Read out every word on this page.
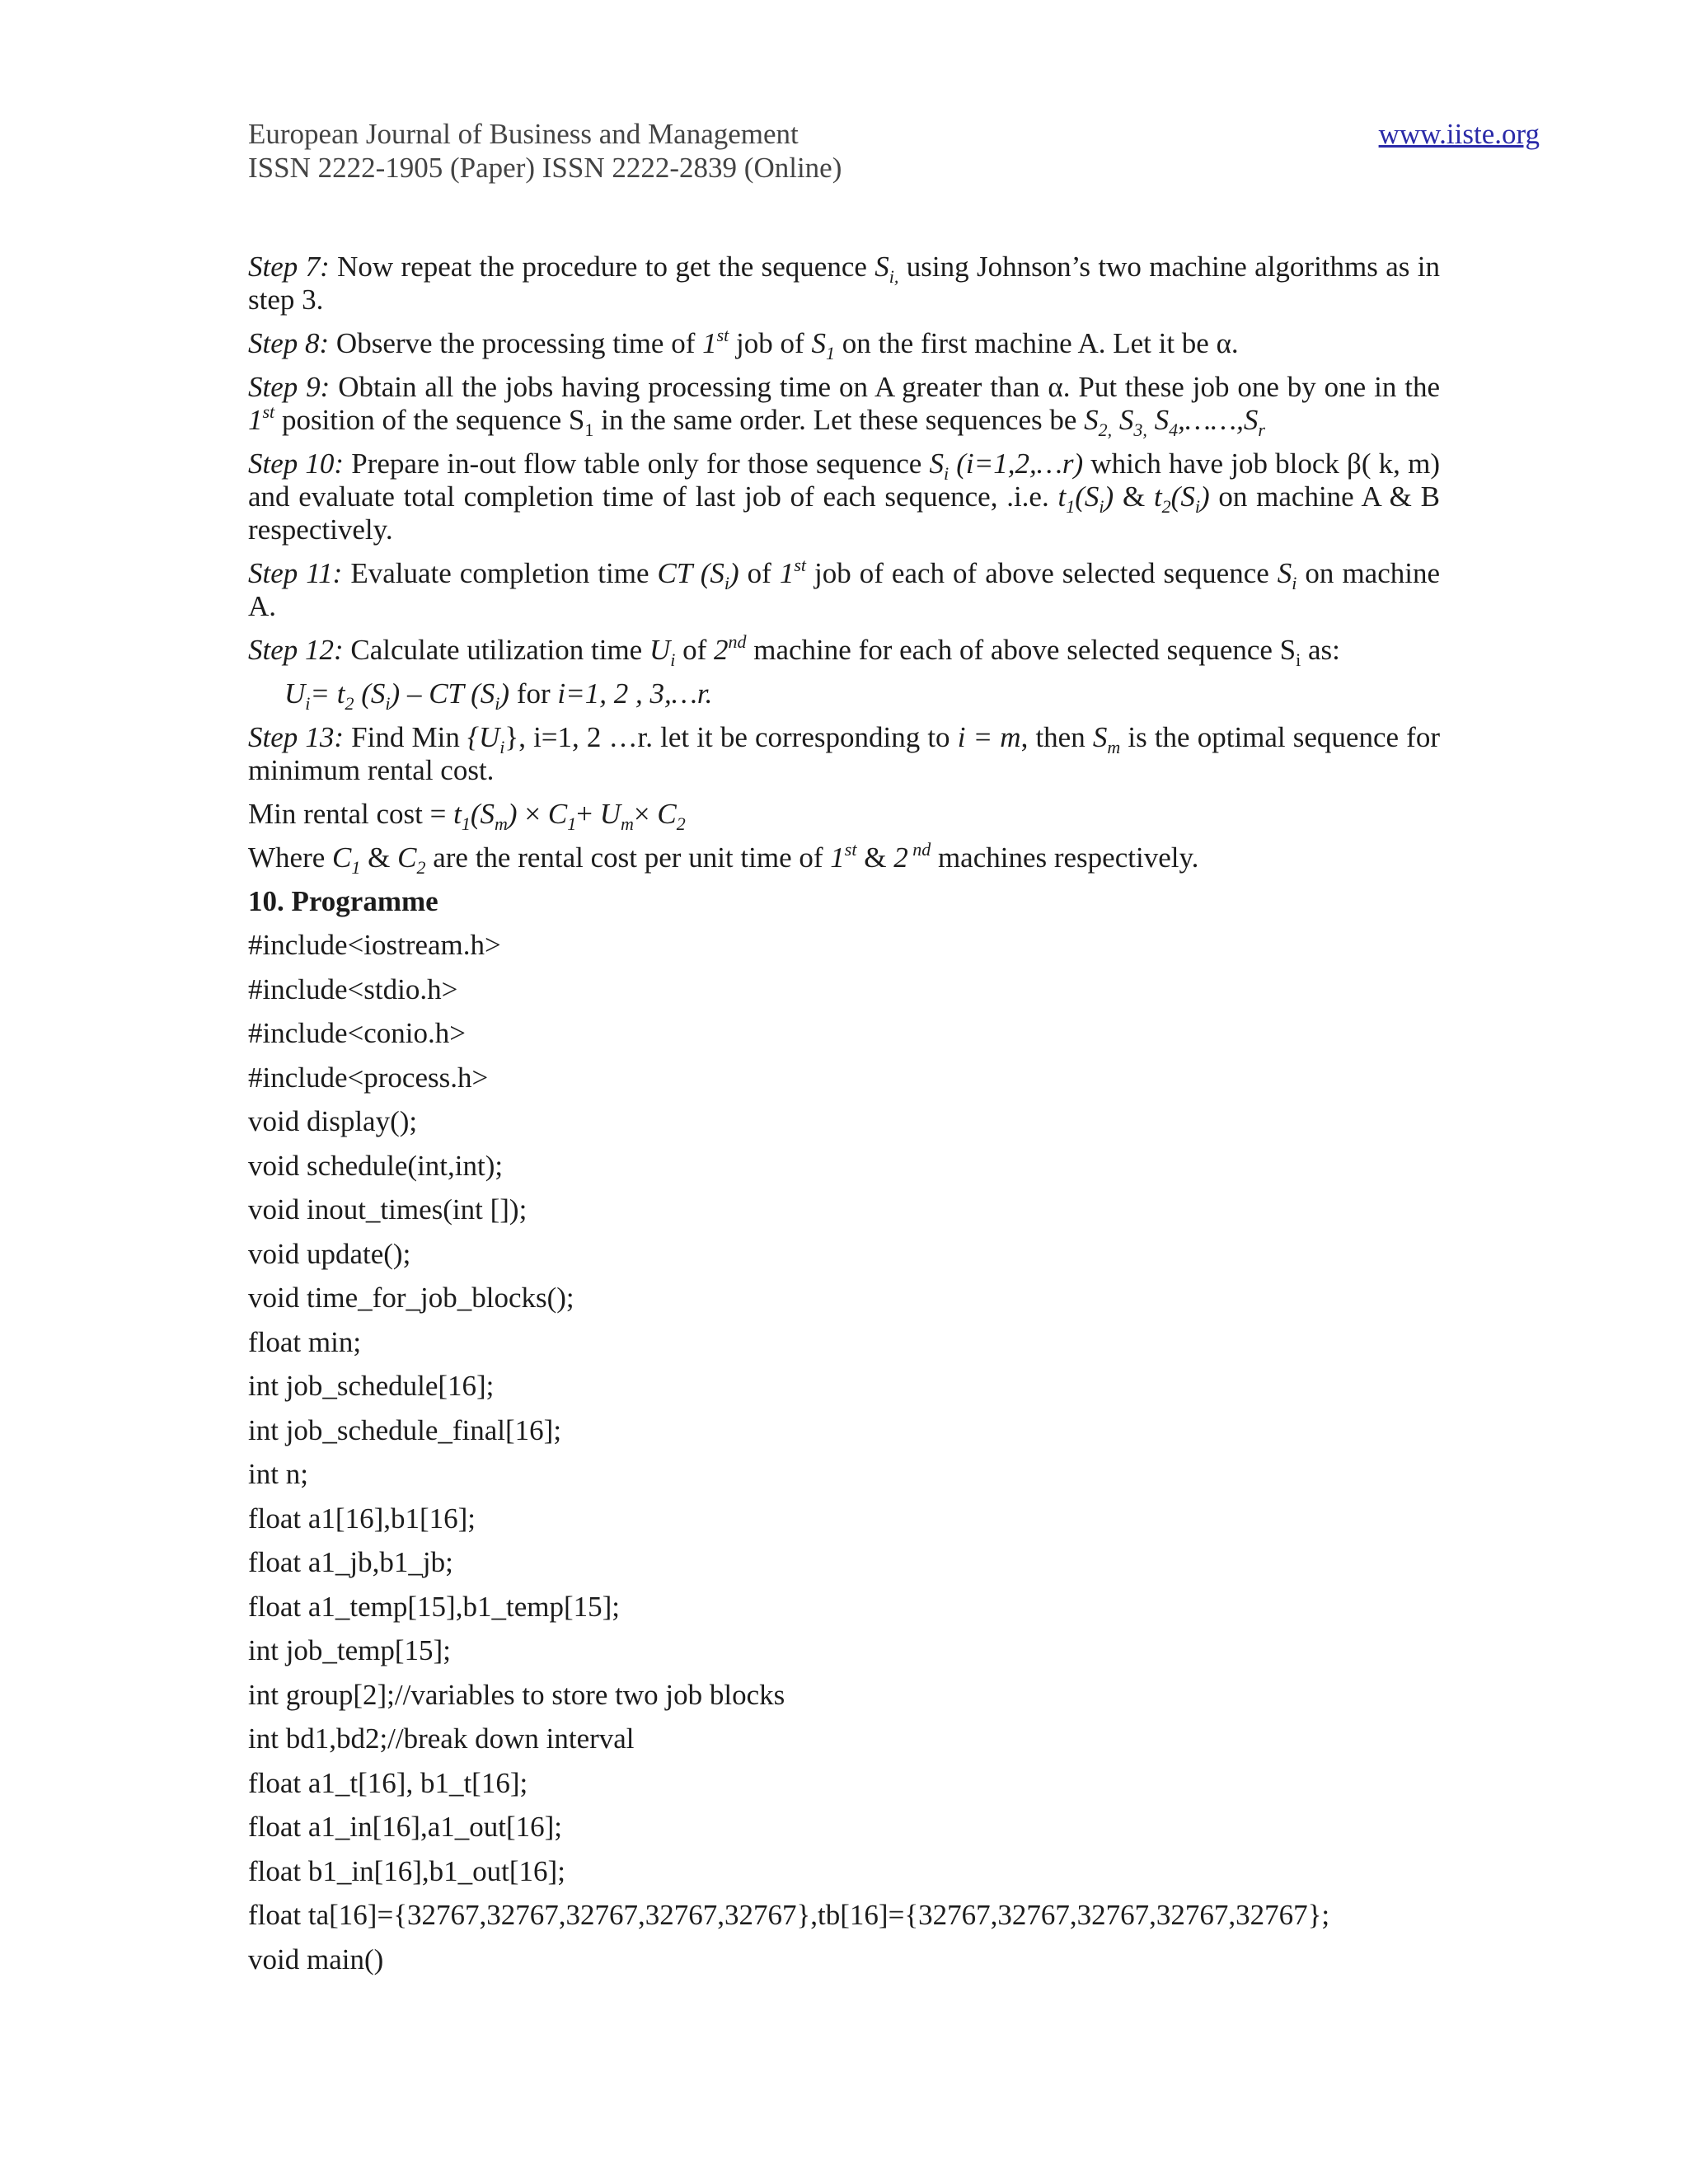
European Journal of Business and Management
ISSN 2222-1905 (Paper) ISSN 2222-2839 (Online)
www.iiste.org

Step 7: Now repeat the procedure to get the sequence $S_{i,}$ using Johnson’s two machine algorithms as in step 3.

Step 8: Observe the processing time of 1st job of $S_1$ on the first machine A. Let it be α.

Step 9: Obtain all the jobs having processing time on A greater than α. Put these job one by one in the 1st position of the sequence $S_1$ in the same order. Let these sequences be $S_{2,}$ $S_{3,}$ $S_4,\dots\dots,S_r$

Step 10: Prepare in-out flow table only for those sequence $S_i$ (i=1,2,…r) which have job block β( k, m) and evaluate total completion time of last job of each sequence, .i.e. $t_1(S_i)$ & $t_2(S_i)$ on machine A & B respectively.

Step 11: Evaluate completion time CT $(S_i)$ of 1st job of each of above selected sequence $S_i$ on machine A.

Step 12: Calculate utilization time $U_i$ of 2nd machine for each of above selected sequence $S_i$ as:

$U_i= t_2$ $(S_i)$ – CT $(S_i)$ for i=1, 2 , 3,…r.

Step 13: Find Min $\{U_i\}$, i=1, 2 …r. let it be corresponding to i = m, then $S_m$ is the optimal sequence for minimum rental cost.

Min rental $\cos t = t_1(S_m) \times C_1+ U_m\times C_2$

Where $C_1$ & $C_2$ are the rental cost per unit time of 1st & 2 $^{nd}$ machines respectively.

10. Programme

#include<iostream.h>

#include<stdio.h>

#include<conio.h>

#include<process.h>

void display();

void schedule(int,int);

void inout_times(int []);

void update();

void time_for_job_blocks();

float min;

int job_schedule[16];

int job_schedule_final[16];

int n;

float a1[16],b1[16];

float a1_jb,b1_jb;

float a1_temp[15],b1_temp[15];

int job_temp[15];

int group[2];//variables to store two job blocks

int bd1,bd2;//break down interval

float a1_t[16], b1_t[16];

float a1_in[16],a1_out[16];

float b1_in[16],b1_out[16];

float ta[16]={32767,32767,32767,32767,32767},tb[16]={32767,32767,32767,32767,32767};

void main()
